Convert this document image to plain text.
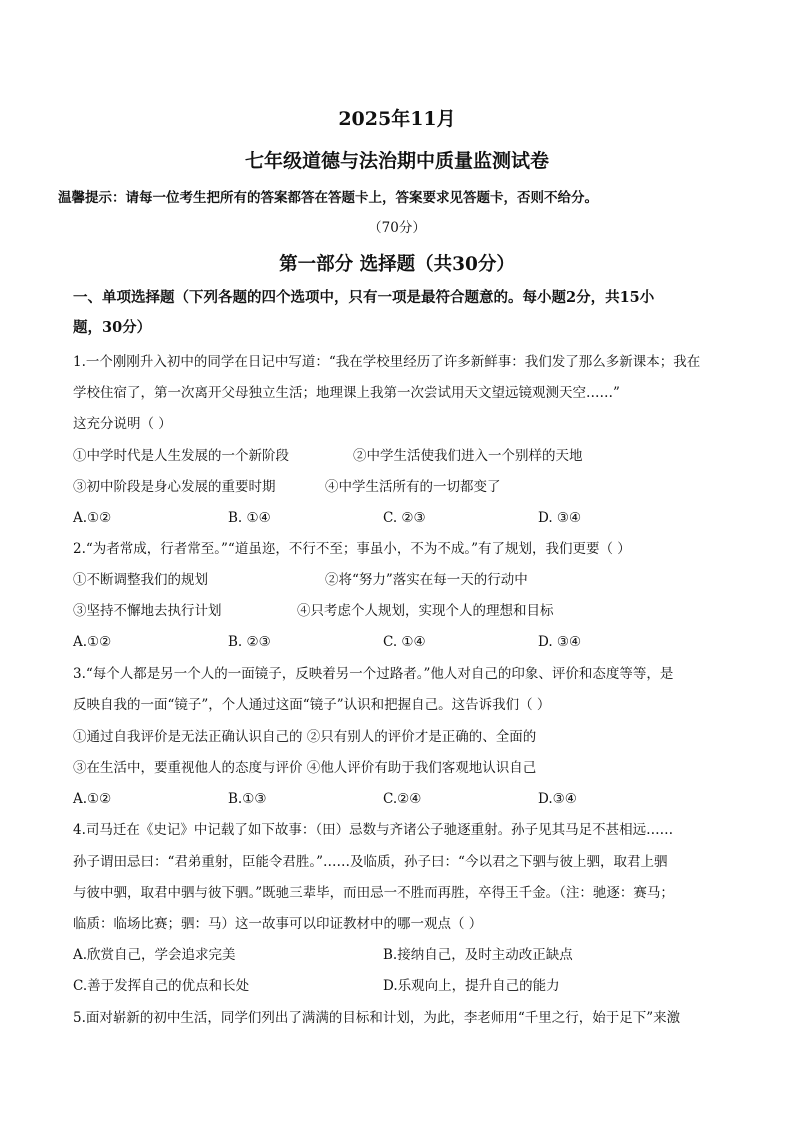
2025年11月
七年级道德与法治期中质量监测试卷
温馨提示：请每一位考生把所有的答案都答在答题卡上，答案要求见答题卡，否则不给分。
（70分）
第一部分 选择题（共30分）
一、单项选择题（下列各题的四个选项中，只有一项是最符合题意的。每小题2分，共15小
题，30分）
1.一个刚刚升入初中的同学在日记中写道：“我在学校里经历了许多新鲜事：我们发了那么多新课本；我在
学校住宿了，第一次离开父母独立生活；地理课上我第一次尝试用天文望远镜观测天空……”
这充分说明（ ）
①中学时代是人生发展的一个新阶段	②中学生活使我们进入一个别样的天地
③初中阶段是身心发展的重要时期	④中学生活所有的一切都变了
A.①②	B. ①④	C. ②③	D. ③④
2.“为者常成，行者常至。”“道虽迩，不行不至；事虽小，不为不成。”有了规划，我们更要（ ）
①不断调整我们的规划	②将“努力”落实在每一天的行动中
③坚持不懈地去执行计划	④只考虑个人规划，实现个人的理想和目标
A.①②	B. ②③	C. ①④	D. ③④
3.“每个人都是另一个人的一面镜子，反映着另一个过路者。”他人对自己的印象、评价和态度等等，是
反映自我的一面“镜子”，个人通过这面“镜子”认识和把握自己。这告诉我们（ ）
①通过自我评价是无法正确认识自己的 ②只有别人的评价才是正确的、全面的
③在生活中，要重视他人的态度与评价 ④他人评价有助于我们客观地认识自己
A.①②	B.①③	C.②④	D.③④
4.司马迁在《史记》中记载了如下故事：（田）忌数与齐诸公子驰逐重射。孙子见其马足不甚相远……
孙子谓田忌曰：“君弟重射，臣能令君胜。”……及临质，孙子曰：“今以君之下驷与彼上驷，取君上驷
与彼中驷，取君中驷与彼下驷。”既驰三辈毕，而田忌一不胜而再胜，卒得王千金。（注：驰逐：赛马；
临质：临场比赛；驷：马）这一故事可以印证教材中的哪一观点（ ）
A.欣赏自己，学会追求完美	B.接纳自己，及时主动改正缺点
C.善于发挥自己的优点和长处	D.乐观向上，提升自己的能力
5.面对崭新的初中生活，同学们列出了满满的目标和计划，为此，李老师用“千里之行，始于足下”来激
